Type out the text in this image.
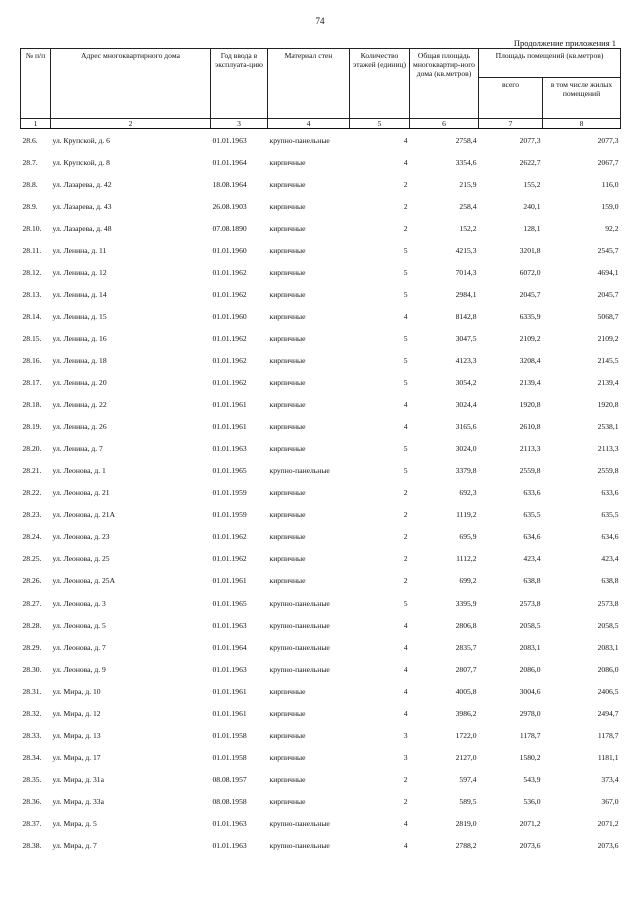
74
Продолжение приложения 1
№ п/п	Адрес многоквартирного дома	Год ввода в эксплуата-цию	Материал стен	Количество этажей (единиц)	Общая площадь многоквартир-ного дома (кв.метров)	Площадь помещений (кв.метров)	
						всего	в том числе жилых помещений
1	2	3	4	5	6	7	8
28.6.	ул. Крупской, д. 6	01.01.1963	крупно-панельные	4	2758,4	2077,3	2077,3
28.7.	ул. Крупской, д. 8	01.01.1964	кирпичные	4	3354,6	2622,7	2067,7
28.8.	ул. Лазарева, д. 42	18.08.1964	кирпичные	2	215,9	155,2	116,0
28.9.	ул. Лазарева, д. 43	26.08.1903	кирпичные	2	258,4	240,1	159,0
28.10.	ул. Лазарева, д. 48	07.08.1890	кирпичные	2	152,2	128,1	92,2
28.11.	ул. Ленина, д. 11	01.01.1960	кирпичные	5	4215,3	3201,8	2545,7
28.12.	ул. Ленина, д. 12	01.01.1962	кирпичные	5	7014,3	6072,0	4694,1
28.13.	ул. Ленина, д. 14	01.01.1962	кирпичные	5	2984,1	2045,7	2045,7
28.14.	ул. Ленина, д. 15	01.01.1960	кирпичные	4	8142,8	6335,9	5068,7
28.15.	ул. Ленина, д. 16	01.01.1962	кирпичные	5	3047,5	2109,2	2109,2
28.16.	ул. Ленина, д. 18	01.01.1962	кирпичные	5	4123,3	3208,4	2145,5
28.17.	ул. Ленина, д. 20	01.01.1962	кирпичные	5	3054,2	2139,4	2139,4
28.18.	ул. Ленина, д. 22	01.01.1961	кирпичные	4	3024,4	1920,8	1920,8
28.19.	ул. Ленина, д. 26	01.01.1961	кирпичные	4	3165,6	2610,8	2538,1
28.20.	ул. Ленина, д. 7	01.01.1963	кирпичные	5	3024,0	2113,3	2113,3
28.21.	ул. Леонова, д. 1	01.01.1965	крупно-панельные	5	3379,8	2559,8	2559,8
28.22.	ул. Леонова, д. 21	01.01.1959	кирпичные	2	692,3	633,6	633,6
28.23.	ул. Леонова, д. 21А	01.01.1959	кирпичные	2	1119,2	635,5	635,5
28.24.	ул. Леонова, д. 23	01.01.1962	кирпичные	2	695,9	634,6	634,6
28.25.	ул. Леонова, д. 25	01.01.1962	кирпичные	2	1112,2	423,4	423,4
28.26.	ул. Леонова, д. 25А	01.01.1961	кирпичные	2	699,2	638,8	638,8
28.27.	ул. Леонова, д. 3	01.01.1965	крупно-панельные	5	3395,9	2573,8	2573,8
28.28.	ул. Леонова, д. 5	01.01.1963	крупно-панельные	4	2806,8	2058,5	2058,5
28.29.	ул. Леонова, д. 7	01.01.1964	крупно-панельные	4	2835,7	2083,1	2083,1
28.30.	ул. Леонова, д. 9	01.01.1963	крупно-панельные	4	2807,7	2086,0	2086,0
28.31.	ул. Мира, д. 10	01.01.1961	кирпичные	4	4005,8	3004,6	2406,5
28.32.	ул. Мира, д. 12	01.01.1961	кирпичные	4	3986,2	2978,0	2494,7
28.33.	ул. Мира, д. 13	01.01.1958	кирпичные	3	1722,0	1178,7	1178,7
28.34.	ул. Мира, д. 17	01.01.1958	кирпичные	3	2127,0	1580,2	1181,1
28.35.	ул. Мира, д. 31а	08.08.1957	кирпичные	2	597,4	543,9	373,4
28.36.	ул. Мира, д. 33а	08.08.1958	кирпичные	2	589,5	536,0	367,0
28.37.	ул. Мира, д. 5	01.01.1963	крупно-панельные	4	2819,0	2071,2	2071,2
28.38.	ул. Мира, д. 7	01.01.1963	крупно-панельные	4	2788,2	2073,6	2073,6
